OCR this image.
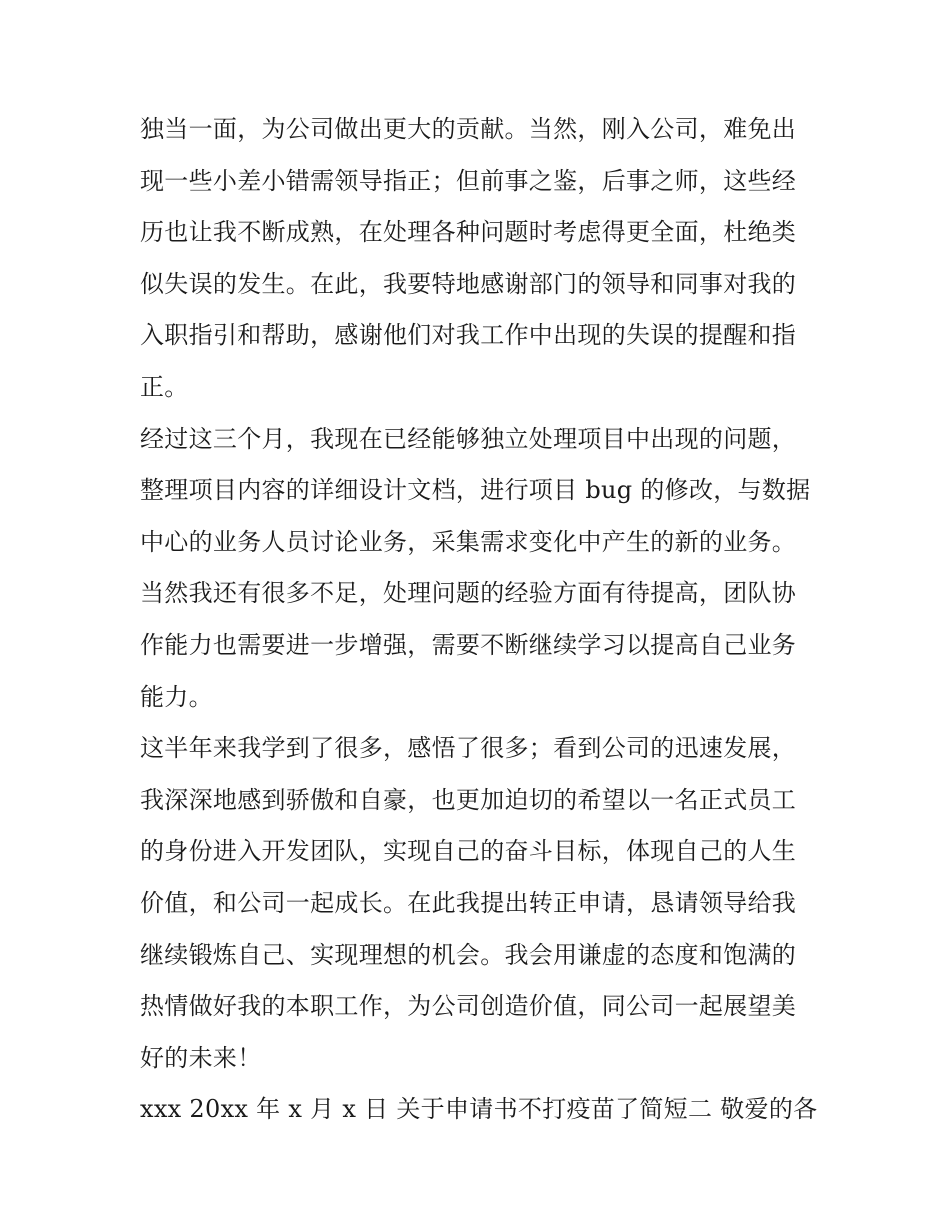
独当一面，为公司做出更大的贡献。当然，刚入公司，难免出
现一些小差小错需领导指正；但前事之鉴，后事之师，这些经
历也让我不断成熟，在处理各种问题时考虑得更全面，杜绝类
似失误的发生。在此，我要特地感谢部门的领导和同事对我的
入职指引和帮助，感谢他们对我工作中出现的失误的提醒和指
正。
经过这三个月，我现在已经能够独立处理项目中出现的问题，
整理项目内容的详细设计文档，进行项目 bug 的修改，与数据
中心的业务人员讨论业务，采集需求变化中产生的新的业务。
当然我还有很多不足，处理问题的经验方面有待提高，团队协
作能力也需要进一步增强，需要不断继续学习以提高自己业务
能力。
这半年来我学到了很多，感悟了很多；看到公司的迅速发展，
我深深地感到骄傲和自豪，也更加迫切的希望以一名正式员工
的身份进入开发团队，实现自己的奋斗目标，体现自己的人生
价值，和公司一起成长。在此我提出转正申请，恳请领导给我
继续锻炼自己、实现理想的机会。我会用谦虚的态度和饱满的
热情做好我的本职工作，为公司创造价值，同公司一起展望美
好的未来！
xxx 20xx 年 x 月 x 日 关于申请书不打疫苗了简短二 敬爱的各
